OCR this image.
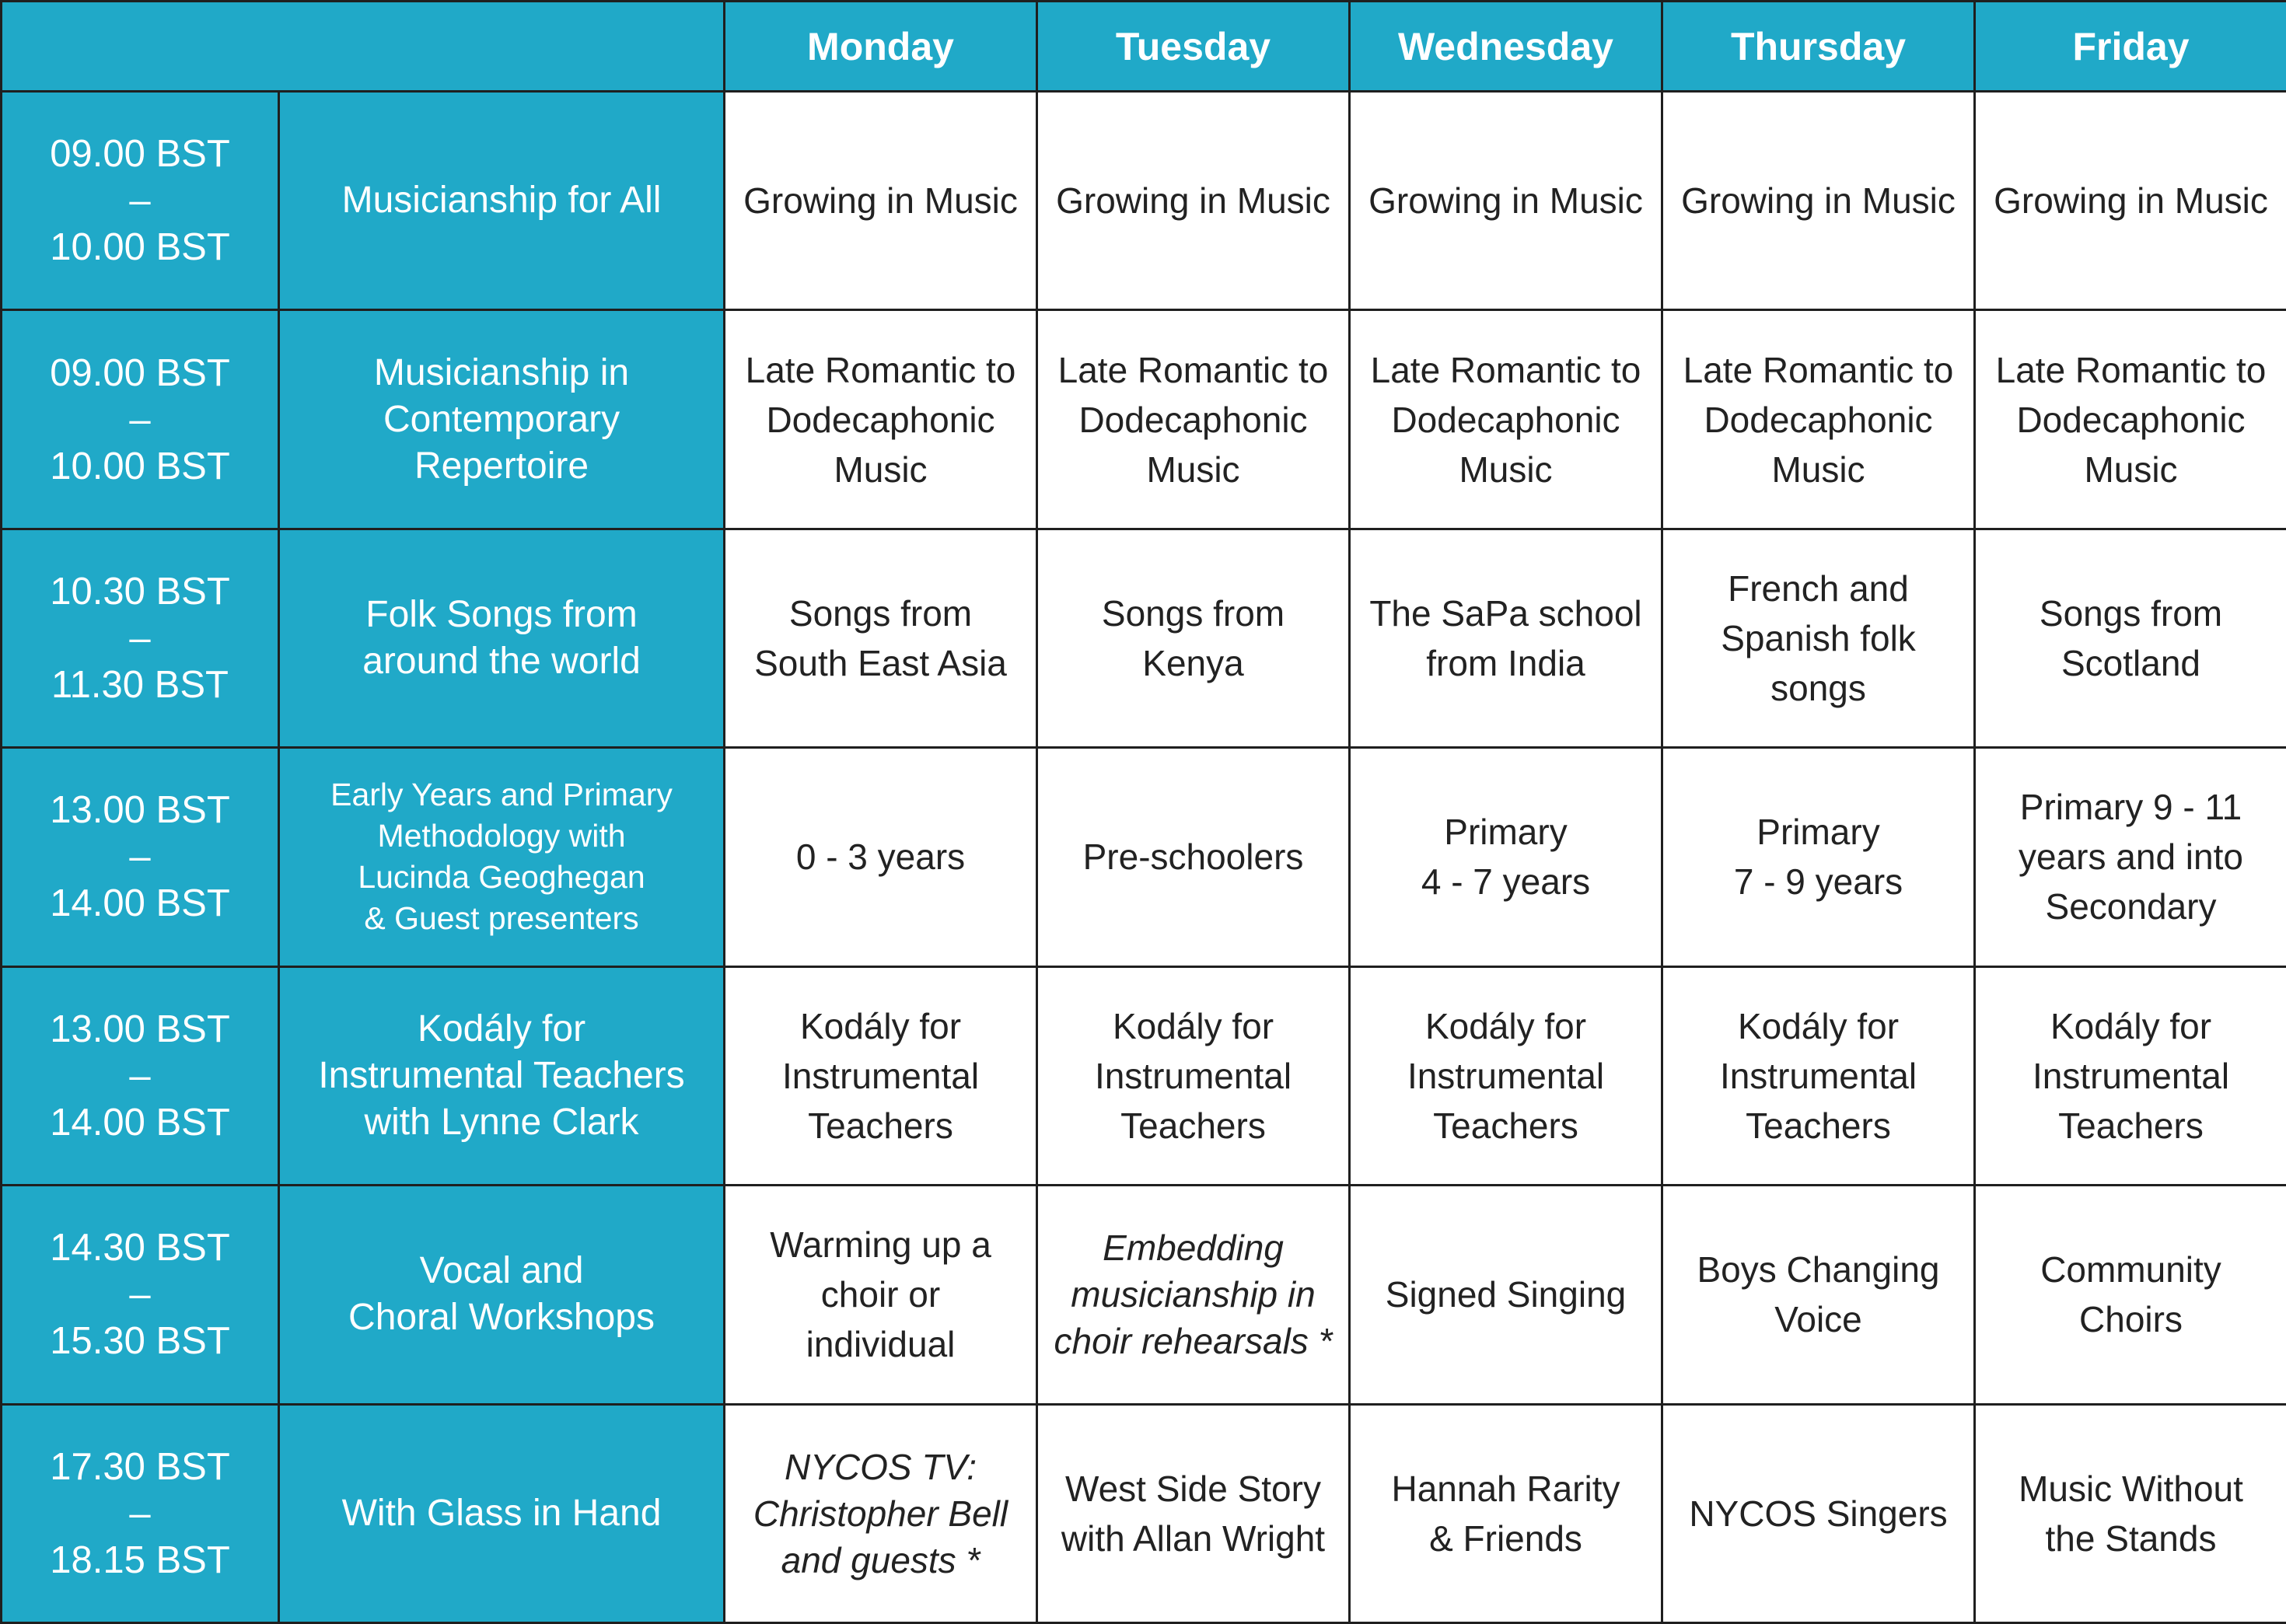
		Monday	Tuesday	Wednesday	Thursday	Friday

09.00 BST
–
10.00 BST	Musicianship for All	Growing in Music	Growing in Music	Growing in Music	Growing in Music	Growing in Music

09.00 BST
–
10.00 BST	Musicianship in
Contemporary
Repertoire	Late Romantic to
Dodecaphonic
Music	Late Romantic to
Dodecaphonic
Music	Late Romantic to
Dodecaphonic
Music	Late Romantic to
Dodecaphonic
Music	Late Romantic to
Dodecaphonic
Music

10.30 BST
–
11.30 BST	Folk Songs from
around the world	Songs from
South East Asia	Songs from
Kenya	The SaPa school
from India	French and
Spanish folk
songs	Songs from
Scotland

13.00 BST
–
14.00 BST	Early Years and Primary
Methodology with
Lucinda Geoghegan
& Guest presenters	0 - 3 years	Pre-schoolers	Primary
4 - 7 years	Primary
7 - 9 years	Primary 9 - 11
years and into
Secondary

13.00 BST
–
14.00 BST	Kodály for
Instrumental Teachers
with Lynne Clark	Kodály for
Instrumental
Teachers	Kodály for
Instrumental
Teachers	Kodály for
Instrumental
Teachers	Kodály for
Instrumental
Teachers	Kodály for
Instrumental
Teachers

14.30 BST
–
15.30 BST	Vocal and
Choral Workshops	Warming up a
choir or
individual	Embedding
musicianship in
choir rehearsals *	Signed Singing	Boys Changing
Voice	Community
Choirs

17.30 BST
–
18.15 BST	With Glass in Hand	NYCOS TV:
Christopher Bell
and guests *	West Side Story
with Allan Wright	Hannah Rarity
& Friends	NYCOS Singers	Music Without
the Stands
